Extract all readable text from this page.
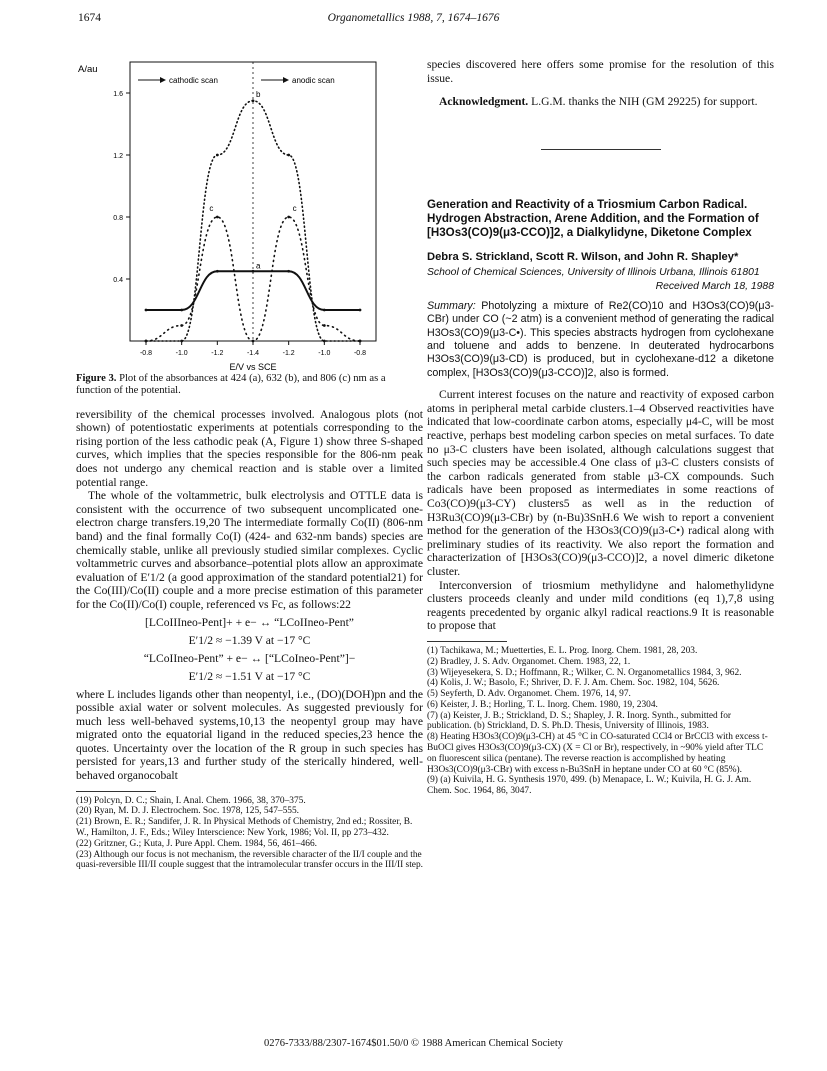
1674	Organometallics 1988, 7, 1674–1676
1.6
1.2
0.8
0.4
-0.8	-1.0	-1.2	-1.4	-1.2	-1.0	-0.8
A/au
E/V vs SCE
cathodic scan	anodic scan
b
c	c
a
Figure 3. Plot of the absorbances at 424 (a), 632 (b), and 806 (c) nm as a function of the potential.

reversibility of the chemical processes involved. Analogous plots (not shown) of potentiostatic experiments at potentials corresponding to the rising portion of the less cathodic peak (A, Figure 1) show three S-shaped curves, which implies that the species responsible for the 806-nm peak does not undergo any chemical reaction and is stable over a limited potential range.

The whole of the voltammetric, bulk electrolysis and OTTLE data is consistent with the occurrence of two subsequent uncomplicated one-electron charge transfers.19,20 The intermediate formally Co(II) (806-nm band) and the final formally Co(I) (424- and 632-nm bands) species are chemically stable, unlike all previously studied similar complexes. Cyclic voltammetric curves and absorbance–potential plots allow an approximate evaluation of E′1/2 (a good approximation of the standard potential21) for the Co(III)/Co(II) couple and a more precise estimation of this parameter for the Co(II)/Co(I) couple, referenced vs Fc, as follows:22

[LCoIIIneo-Pent]+ + e− ↔ “LCoIIneo-Pent”
E′1/2 ≈ −1.39 V at −17 °C
“LCoIIneo-Pent” + e− ↔ [“LCoIneo-Pent”]−
E′1/2 ≈ −1.51 V at −17 °C

where L includes ligands other than neopentyl, i.e., (DO)(DOH)pn and the possible axial water or solvent molecules. As suggested previously for much less well-behaved systems,10,13 the neopentyl group may have migrated onto the equatorial ligand in the reduced species,23 hence the quotes. Uncertainty over the location of the R group in such species has persisted for years,13 and further study of the sterically hindered, well-behaved organocobalt

(19) Polcyn, D. C.; Shain, I. Anal. Chem. 1966, 38, 370–375.
(20) Ryan, M. D. J. Electrochem. Soc. 1978, 125, 547–555.
(21) Brown, E. R.; Sandifer, J. R. In Physical Methods of Chemistry, 2nd ed.; Rossiter, B. W., Hamilton, J. F., Eds.; Wiley Interscience: New York, 1986; Vol. II, pp 273–432.
(22) Gritzner, G.; Kuta, J. Pure Appl. Chem. 1984, 56, 461–466.
(23) Although our focus is not mechanism, the reversible character of the II/I couple and the quasi-reversible III/II couple suggest that the intramolecular transfer occurs in the III/II step.

species discovered here offers some promise for the resolution of this issue.

Acknowledgment. L.G.M. thanks the NIH (GM 29225) for support.

Generation and Reactivity of a Triosmium Carbon Radical. Hydrogen Abstraction, Arene Addition, and the Formation of [H3Os3(CO)9(μ3-CCO)]2, a Dialkylidyne, Diketone Complex
Debra S. Strickland, Scott R. Wilson, and John R. Shapley*
School of Chemical Sciences, University of Illinois Urbana, Illinois 61801
Received March 18, 1988
Summary: Photolyzing a mixture of Re2(CO)10 and H3Os3(CO)9(μ3-CBr) under CO (~2 atm) is a convenient method of generating the radical H3Os3(CO)9(μ3-C•). This species abstracts hydrogen from cyclohexane and toluene and adds to benzene. In deuterated hydrocarbons H3Os3(CO)9(μ3-CD) is produced, but in cyclohexane-d12 a diketone complex, [H3Os3(CO)9(μ3-CCO)]2, also is formed.

Current interest focuses on the nature and reactivity of exposed carbon atoms in peripheral metal carbide clusters.1–4 Observed reactivities have indicated that low-coordinate carbon atoms, especially μ4-C, will be most reactive, perhaps best modeling carbon species on metal surfaces. To date no μ3-C clusters have been isolated, although calculations suggest that such species may be accessible.4 One class of μ3-C clusters consists of the carbon radicals generated from stable μ3-CX compounds. Such radicals have been proposed as intermediates in some reactions of Co3(CO)9(μ3-CY) clusters5 as well as in the reduction of H3Ru3(CO)9(μ3-CBr) by (n-Bu)3SnH.6 We wish to report a convenient method for the generation of the H3Os3(CO)9(μ3-C•) radical along with preliminary studies of its reactivity. We also report the formation and characterization of [H3Os3(CO)9(μ3-CCO)]2, a novel dimeric diketone cluster.

Interconversion of triosmium methylidyne and halomethylidyne clusters proceeds cleanly and under mild conditions (eq 1),7,8 using reagents precedented by organic alkyl radical reactions.9 It is reasonable to propose that

(1) Tachikawa, M.; Muetterties, E. L. Prog. Inorg. Chem. 1981, 28, 203.
(2) Bradley, J. S. Adv. Organomet. Chem. 1983, 22, 1.
(3) Wijeyesekera, S. D.; Hoffmann, R.; Wilker, C. N. Organometallics 1984, 3, 962.
(4) Kolis, J. W.; Basolo, F.; Shriver, D. F. J. Am. Chem. Soc. 1982, 104, 5626.
(5) Seyferth, D. Adv. Organomet. Chem. 1976, 14, 97.
(6) Keister, J. B.; Horling, T. L. Inorg. Chem. 1980, 19, 2304.
(7) (a) Keister, J. B.; Strickland, D. S.; Shapley, J. R. Inorg. Synth., submitted for publication. (b) Strickland, D. S. Ph.D. Thesis, University of Illinois, 1983.
(8) Heating H3Os3(CO)9(μ3-CH) at 45 °C in CO-saturated CCl4 or BrCCl3 with excess t-BuOCl gives H3Os3(CO)9(μ3-CX) (X = Cl or Br), respectively, in ~90% yield after TLC on fluorescent silica (pentane). The reverse reaction is accomplished by heating H3Os3(CO)9(μ3-CBr) with excess n-Bu3SnH in heptane under CO at 60 °C (85%).
(9) (a) Kuivila, H. G. Synthesis 1970, 499. (b) Menapace, L. W.; Kuivila, H. G. J. Am. Chem. Soc. 1964, 86, 3047.
0276-7333/88/2307-1674$01.50/0 © 1988 American Chemical Society
